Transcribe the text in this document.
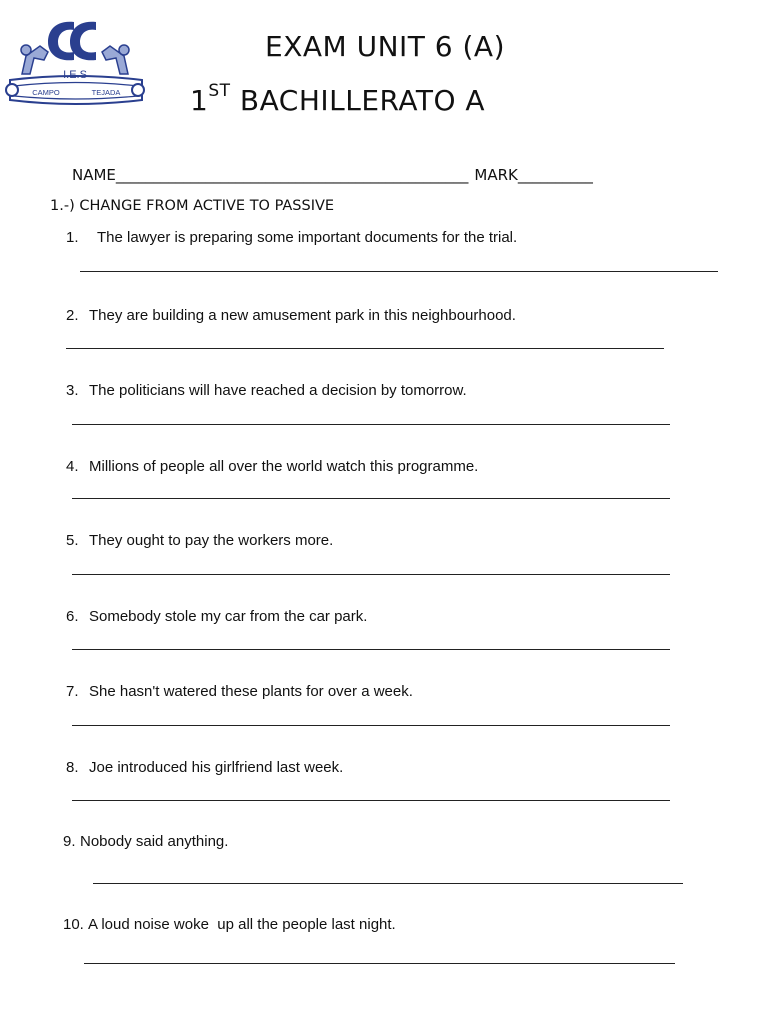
I.E.S
CAMPO	TEJADA
EXAM UNIT 6 (A)
1ST BACHILLERATO A
NAME_______________________________________________ MARK__________
1.-) CHANGE FROM ACTIVE TO PASSIVE
1. The lawyer is preparing some important documents for the trial.
2. They are building a new amusement park in this neighbourhood.
3. The politicians will have reached a decision by tomorrow.
4. Millions of people all over the world watch this programme.
5. They ought to pay the workers more.
6. Somebody stole my car from the car park.
7. She hasn't watered these plants for over a week.
8. Joe introduced his girlfriend last week.
9. Nobody said anything.
10. A loud noise woke  up all the people last night.
